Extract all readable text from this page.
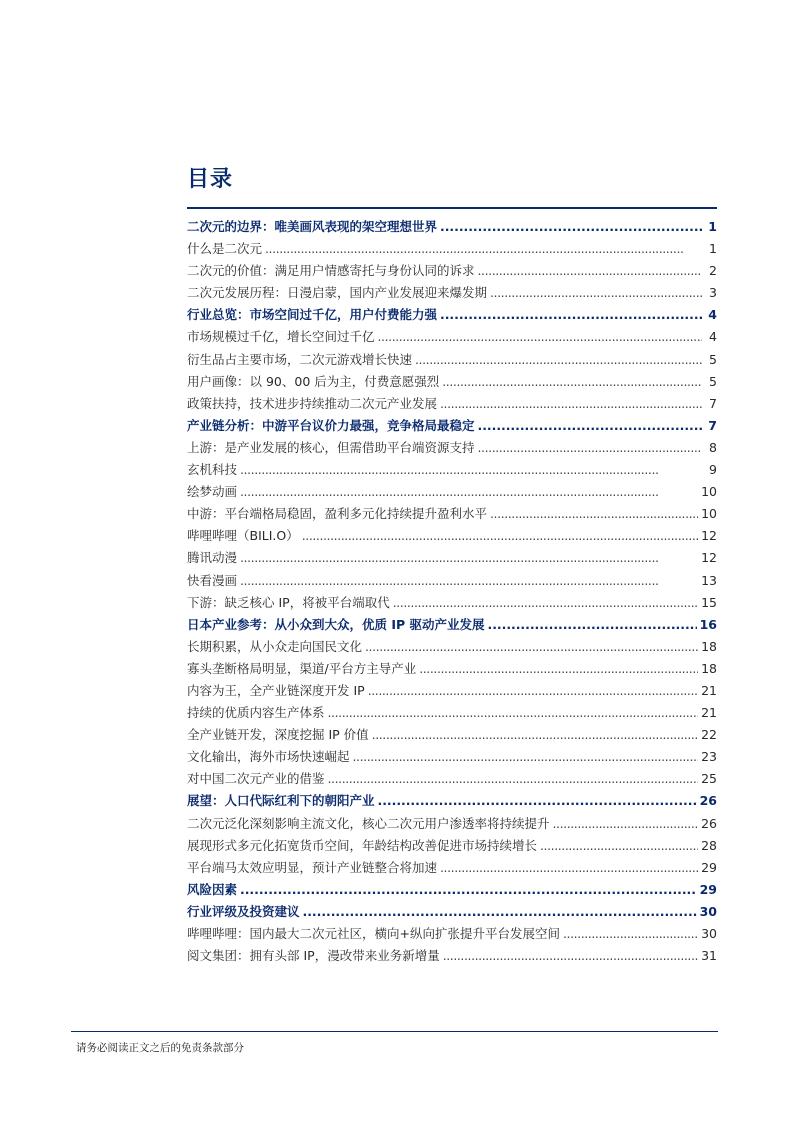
目录
二次元的边界：唯美画风表现的架空理想世界 . . .	1
什么是二次元 . . .	1
二次元的价值：满足用户情感寄托与身份认同的诉求 . . .	2
二次元发展历程：日漫启蒙，国内产业发展迎来爆发期 . . .	3
行业总览：市场空间过千亿，用户付费能力强 . . .	4
市场规模过千亿，增长空间过千亿 . . .	4
衍生品占主要市场，二次元游戏增长快速 . . .	5
用户画像：以 90、00 后为主，付费意愿强烈 . . .	5
政策扶持，技术进步持续推动二次元产业发展 . . .	7
产业链分析：中游平台议价力最强，竞争格局最稳定 . . .	7
上游：是产业发展的核心，但需借助平台端资源支持 . . .	8
玄机科技 . . .	9
绘梦动画 . . .	10
中游：平台端格局稳固，盈利多元化持续提升盈利水平 . . .	10
哔哩哔哩（BILI.O） . . .	12
腾讯动漫 . . .	12
快看漫画 . . .	13
下游：缺乏核心 IP，将被平台端取代 . . .	15
日本产业参考：从小众到大众，优质 IP 驱动产业发展 . . .	16
长期积累，从小众走向国民文化 . . .	18
寡头垄断格局明显，渠道/平台方主导产业 . . .	18
内容为王，全产业链深度开发 IP . . .	21
持续的优质内容生产体系 . . .	21
全产业链开发，深度挖掘 IP 价值 . . .	22
文化输出，海外市场快速崛起 . . .	23
对中国二次元产业的借鉴 . . .	25
展望：人口代际红利下的朝阳产业 . . .	26
二次元泛化深刻影响主流文化，核心二次元用户渗透率将持续提升 . . .	26
展现形式多元化拓宽货币空间，年龄结构改善促进市场持续增长 . . .	28
平台端马太效应明显，预计产业链整合将加速 . . .	29
风险因素 . . .	29
行业评级及投资建议 . . .	30
哔哩哔哩：国内最大二次元社区，横向+纵向扩张提升平台发展空间 . . .	30
阅文集团：拥有头部 IP，漫改带来业务新增量 . . .	31
请务必阅读正文之后的免责条款部分
